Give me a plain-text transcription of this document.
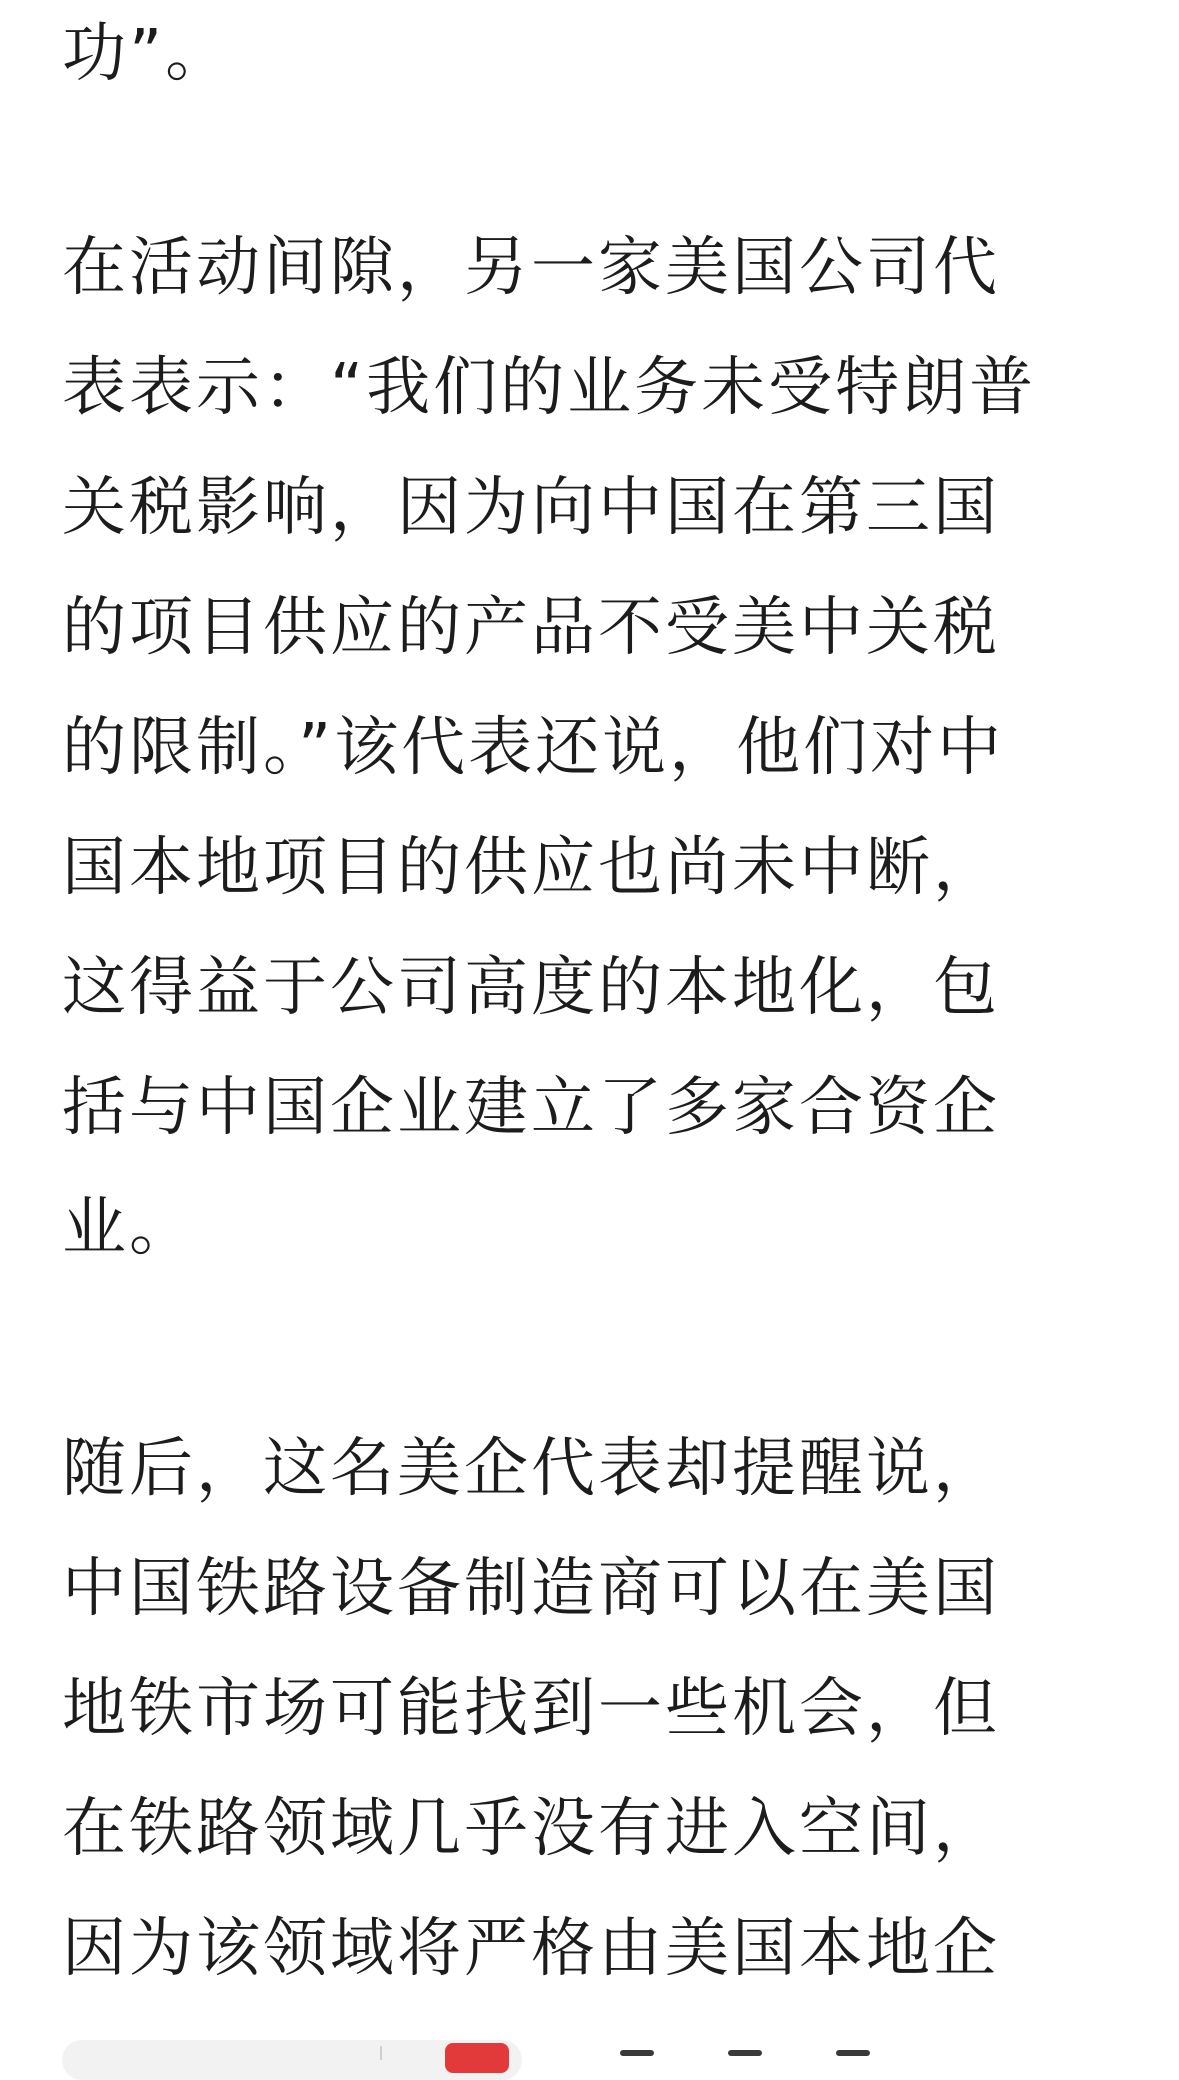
功”。
在活动间隙，另一家美国公司代
表表示：“我们的业务未受特朗普
关税影响，因为向中国在第三国
的项目供应的产品不受美中关税
的限制。”该代表还说，他们对中
国本地项目的供应也尚未中断，
这得益于公司高度的本地化，包
括与中国企业建立了多家合资企
业。
随后，这名美企代表却提醒说，
中国铁路设备制造商可以在美国
地铁市场可能找到一些机会，但
在铁路领域几乎没有进入空间，
因为该领域将严格由美国本地企
